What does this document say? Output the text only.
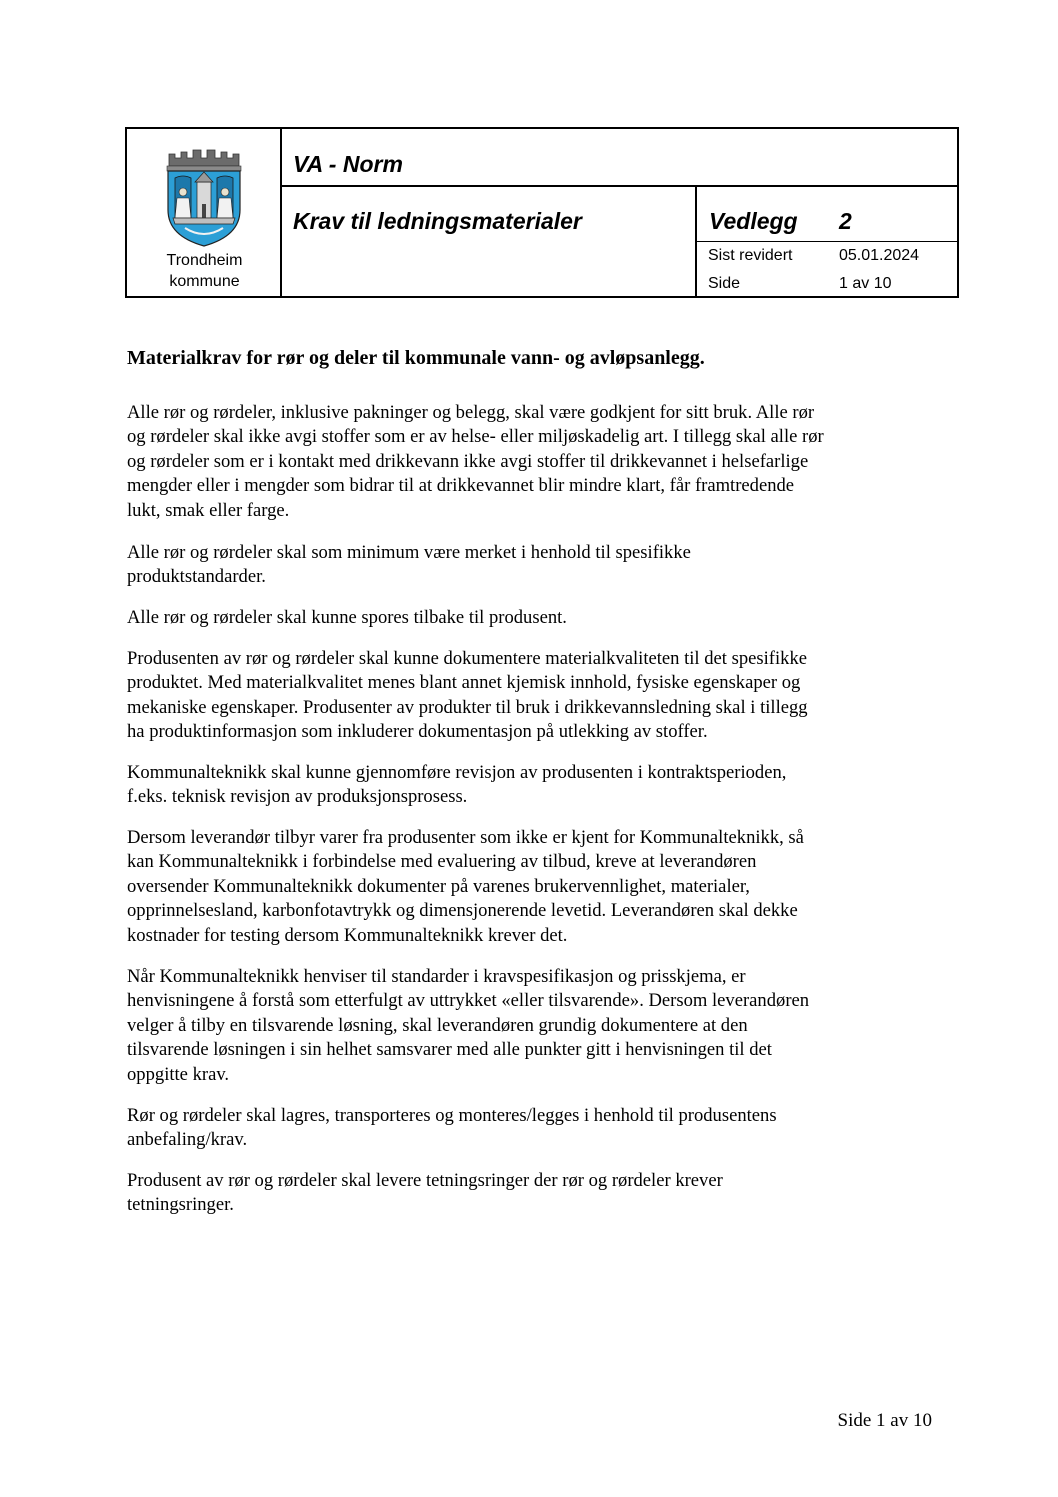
Trondheim
kommune
VA - Norm
Krav til ledningsmaterialer	Vedlegg 2
Sist revidert	05.01.2024
Side	1 av 10
Materialkrav for rør og deler til kommunale vann- og avløpsanlegg.

Alle rør og rørdeler, inklusive pakninger og belegg, skal være godkjent for sitt bruk. Alle rør
og rørdeler skal ikke avgi stoffer som er av helse- eller miljøskadelig art. I tillegg skal alle rør
og rørdeler som er i kontakt med drikkevann ikke avgi stoffer til drikkevannet i helsefarlige
mengder eller i mengder som bidrar til at drikkevannet blir mindre klart, får framtredende
lukt, smak eller farge.

Alle rør og rørdeler skal som minimum være merket i henhold til spesifikke
produktstandarder.

Alle rør og rørdeler skal kunne spores tilbake til produsent.

Produsenten av rør og rørdeler skal kunne dokumentere materialkvaliteten til det spesifikke
produktet. Med materialkvalitet menes blant annet kjemisk innhold, fysiske egenskaper og
mekaniske egenskaper. Produsenter av produkter til bruk i drikkevannsledning skal i tillegg
ha produktinformasjon som inkluderer dokumentasjon på utlekking av stoffer.

Kommunalteknikk skal kunne gjennomføre revisjon av produsenten i kontraktsperioden,
f.eks. teknisk revisjon av produksjonsprosess.

Dersom leverandør tilbyr varer fra produsenter som ikke er kjent for Kommunalteknikk, så
kan Kommunalteknikk i forbindelse med evaluering av tilbud, kreve at leverandøren
oversender Kommunalteknikk dokumenter på varenes brukervennlighet, materialer,
opprinnelsesland, karbonfotavtrykk og dimensjonerende levetid. Leverandøren skal dekke
kostnader for testing dersom Kommunalteknikk krever det.

Når Kommunalteknikk henviser til standarder i kravspesifikasjon og prisskjema, er
henvisningene å forstå som etterfulgt av uttrykket «eller tilsvarende». Dersom leverandøren
velger å tilby en tilsvarende løsning, skal leverandøren grundig dokumentere at den
tilsvarende løsningen i sin helhet samsvarer med alle punkter gitt i henvisningen til det
oppgitte krav.

Rør og rørdeler skal lagres, transporteres og monteres/legges i henhold til produsentens
anbefaling/krav.

Produsent av rør og rørdeler skal levere tetningsringer der rør og rørdeler krever
tetningsringer.

Side 1 av 10
